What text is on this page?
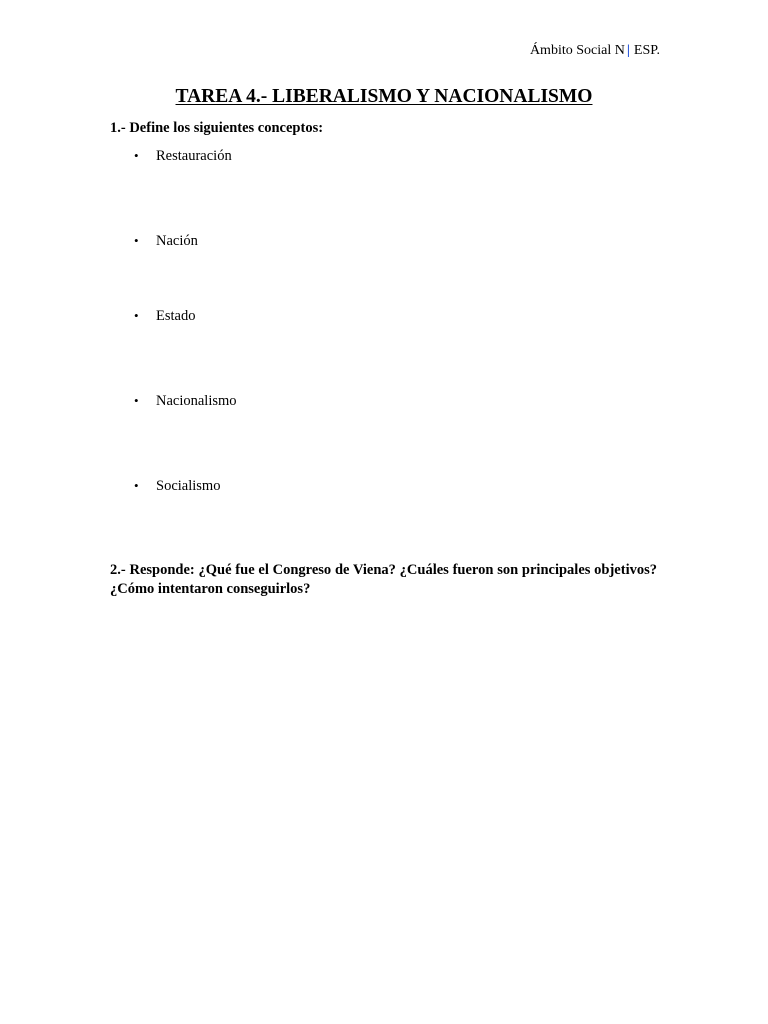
Ámbito Social N | ESP.
TAREA 4.- LIBERALISMO Y NACIONALISMO

1.- Define los siguientes conceptos:

• Restauración

• Nación

• Estado

• Nacionalismo

• Socialismo

2.- Responde: ¿Qué fue el Congreso de Viena? ¿Cuáles fueron son principales objetivos? ¿Cómo intentaron conseguirlos?
